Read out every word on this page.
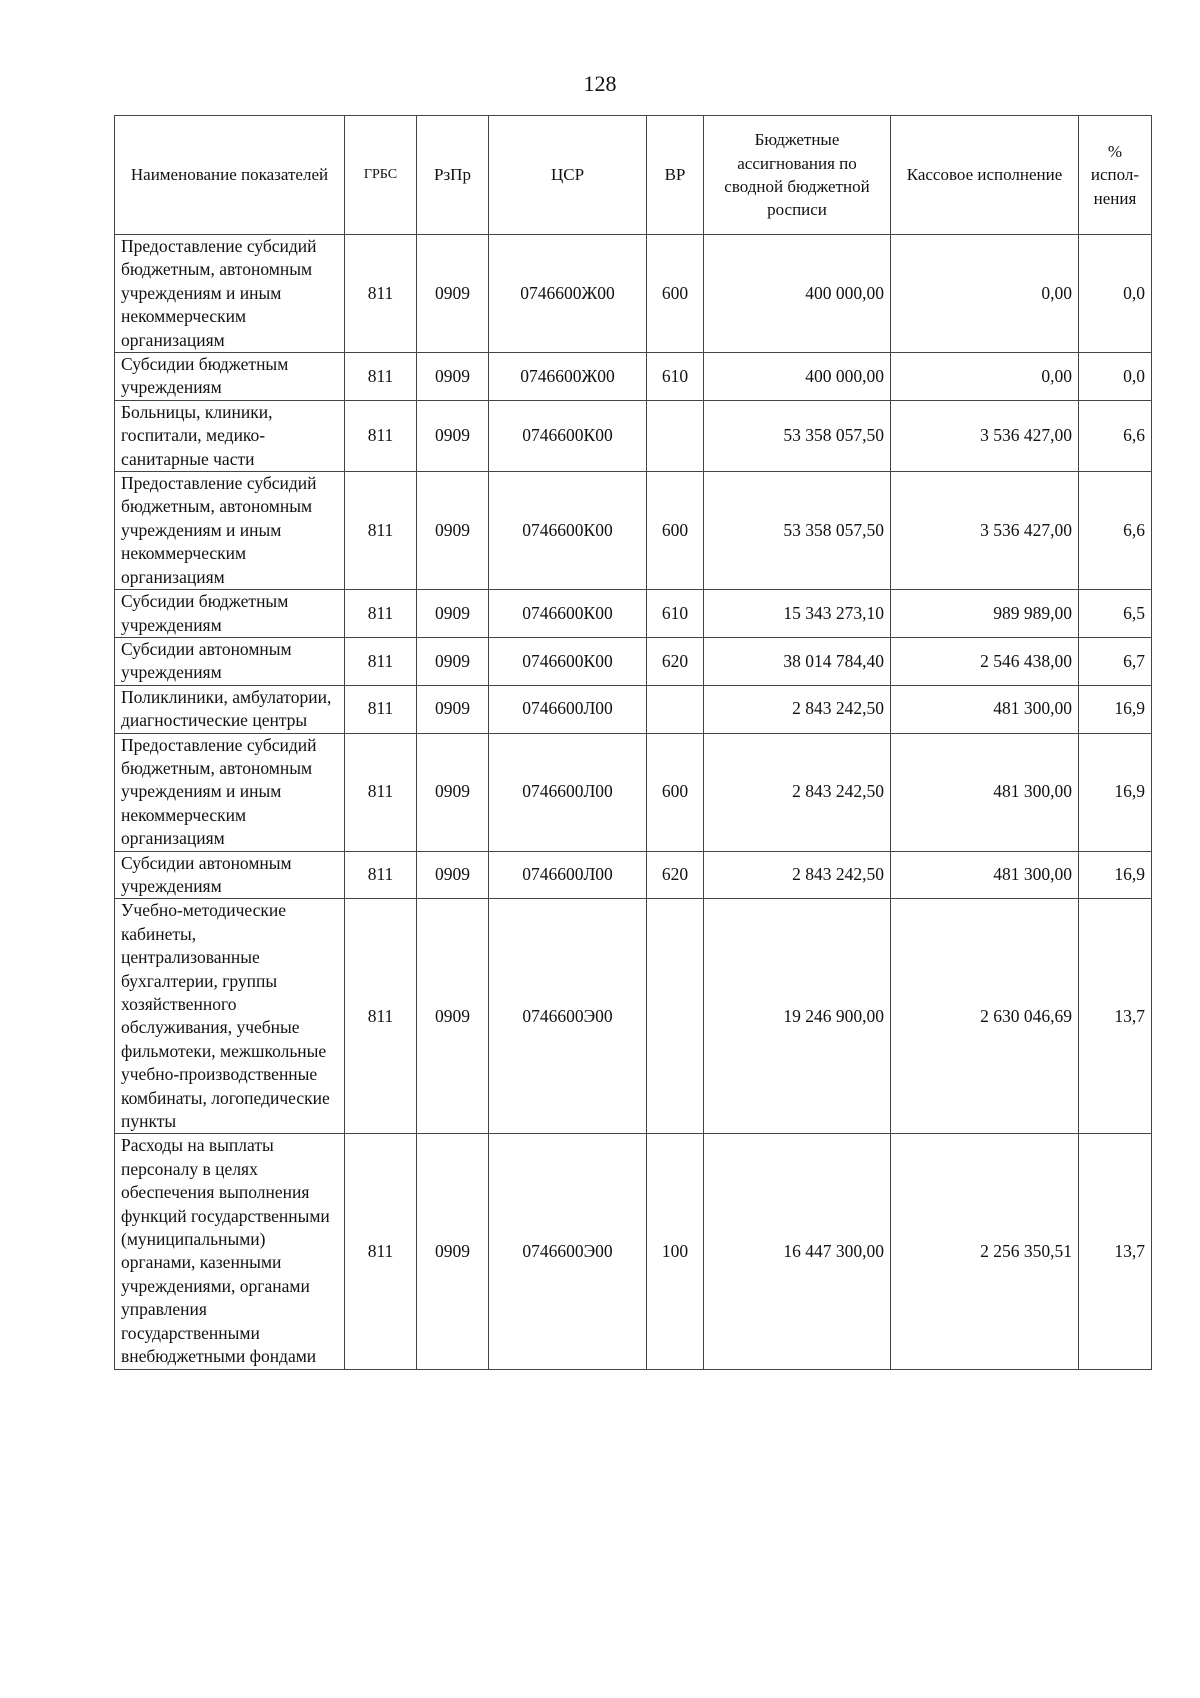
128
Наименование показателей	ГРБС	РзПр	ЦСР	ВР	Бюджетные ассигнования по сводной бюджетной росписи	Кассовое исполнение	%
испол-
нения
Предоставление субсидий бюджетным, автономным учреждениям и иным некоммерческим организациям	811	0909	0746600Ж00	600	400 000,00	0,00	0,0
Субсидии бюджетным учреждениям	811	0909	0746600Ж00	610	400 000,00	0,00	0,0
Больницы, клиники, госпитали, медико-санитарные части	811	0909	0746600К00		53 358 057,50	3 536 427,00	6,6
Предоставление субсидий бюджетным, автономным учреждениям и иным некоммерческим организациям	811	0909	0746600К00	600	53 358 057,50	3 536 427,00	6,6
Субсидии бюджетным учреждениям	811	0909	0746600К00	610	15 343 273,10	989 989,00	6,5
Субсидии автономным учреждениям	811	0909	0746600К00	620	38 014 784,40	2 546 438,00	6,7
Поликлиники, амбулатории, диагностические центры	811	0909	0746600Л00		2 843 242,50	481 300,00	16,9
Предоставление субсидий бюджетным, автономным учреждениям и иным некоммерческим организациям	811	0909	0746600Л00	600	2 843 242,50	481 300,00	16,9
Субсидии автономным учреждениям	811	0909	0746600Л00	620	2 843 242,50	481 300,00	16,9
Учебно-методические кабинеты, централизованные бухгалтерии, группы хозяйственного обслуживания, учебные фильмотеки, межшкольные учебно-производственные комбинаты, логопедические пункты	811	0909	0746600Э00		19 246 900,00	2 630 046,69	13,7
Расходы на выплаты персоналу в целях обеспечения выполнения функций государственными (муниципальными) органами, казенными учреждениями, органами управления государственными внебюджетными фондами	811	0909	0746600Э00	100	16 447 300,00	2 256 350,51	13,7
